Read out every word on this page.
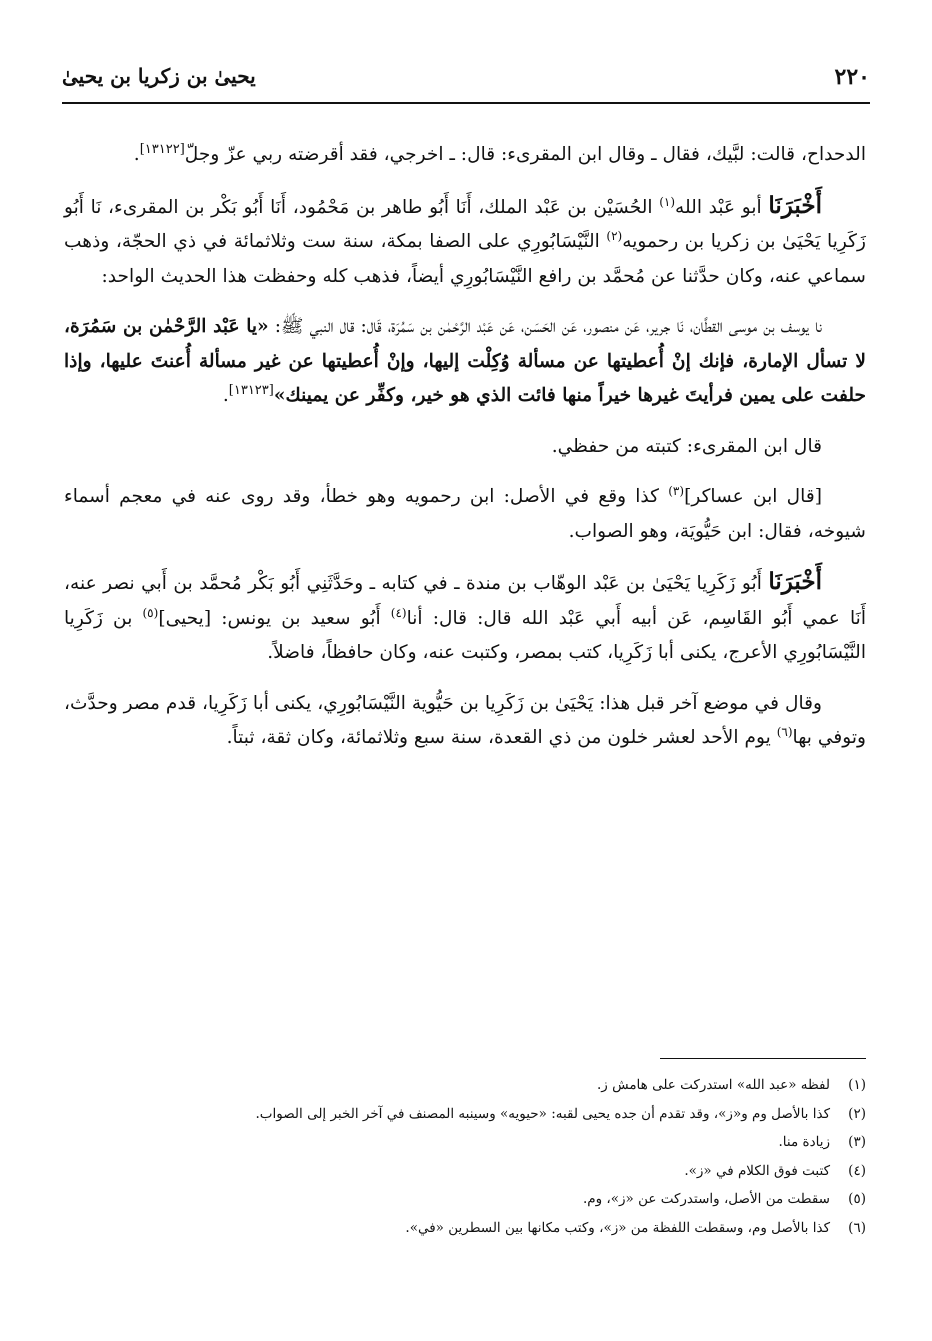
٢٢٠
يحيىٰ بن زكريا بن يحيىٰ

الدحداح، قالت: لبَّيك، فقال ـ وقال ابن المقرىء: قال: ـ اخرجي، فقد أقرضته ربي عزّ وجلّ[١٣١٢٢].

أَخْبَرَنَا أبو عَبْد الله$^{(١)}$ الحُسَيْن بن عَبْد الملك، أَنَا أَبُو طاهر بن مَحْمُود، أَنَا أَبُو بَكْر بن المقرىء، نَا أَبُو زَكَرِيا يَحْيَىٰ بن زكريا بن رحمويه$^{(٢)}$ النَّيْسَابُورِي على الصفا بمكة، سنة ست وثلاثمائة في ذي الحجّة، وذهب سماعي عنه، وكان حدَّثنا عن مُحمَّد بن رافع النَّيْسَابُورِي أيضاً، فذهب كله وحفظت هذا الحديث الواحد:

نا يوسف بن موسى القطَّان، نَا جرير، عَن منصور، عَن الحَسَن، عَن عَبْد الرَّحْمٰن بن سَمُرَة، قَال: قال النبي ﷺ: «يا عَبْد الرَّحْمٰن بن سَمُرَة، لا تسأل الإمارة، فإنك إنْ أُعطيتها عن مسألة وُكِلْت إليها، وإنْ أُعطيتها عن غير مسألة أُعنتَ عليها، وإذا حلفت على يمين فرأيتَ غيرها خيراً منها فائت الذي هو خير، وكفِّر عن يمينك»[١٣١٢٣].

قال ابن المقرىء: كتبته من حفظي.

[قال ابن عساكر]$^{(٣)}$ كذا وقع في الأصل: ابن رحمويه وهو خطأ، وقد روى عنه في معجم أسماء شيوخه، فقال: ابن حَيُّويَة، وهو الصواب.

أَخْبَرَنَا أَبُو زَكَرِيا يَحْيَىٰ بن عَبْد الوهّاب بن مندة ـ في كتابه ـ وحَدَّثَنِي أَبُو بَكْر مُحمَّد بن أَبي نصر عنه، أَنَا عمي أَبُو القَاسِم، عَن أبيه أَبي عَبْد الله قال: قال: أنا$^{(٤)}$ أَبُو سعيد بن يونس: [يحيى]$^{(٥)}$ بن زَكَرِيا النَّيْسَابُورِي الأعرج، يكنى أبا زَكَرِيا، كتب بمصر، وكتبت عنه، وكان حافظاً، فاضلاً.

وقال في موضع آخر قبل هذا: يَحْيَىٰ بن زَكَرِيا بن حَيُّوية النَّيْسَابُورِي، يكنى أبا زَكَرِيا، قدم مصر وحدَّث، وتوفي بها$^{(٦)}$ يوم الأحد لعشر خلون من ذي القعدة، سنة سبع وثلاثمائة، وكان ثقة، ثبتاً.

(١)لفظه «عبد الله» استدركت على هامش ز.
(٢)كذا بالأصل وم و«ز»، وقد تقدم أن جده يحيى لقبه: «حيويه» وسينبه المصنف في آخر الخبر إلى الصواب.
(٣)زيادة منا.
(٤)كتبت فوق الكلام في «ز».
(٥)سقطت من الأصل، واستدركت عن «ز»، وم.
(٦)كذا بالأصل وم، وسقطت اللفظة من «ز»، وكتب مكانها بين السطرين «في».
